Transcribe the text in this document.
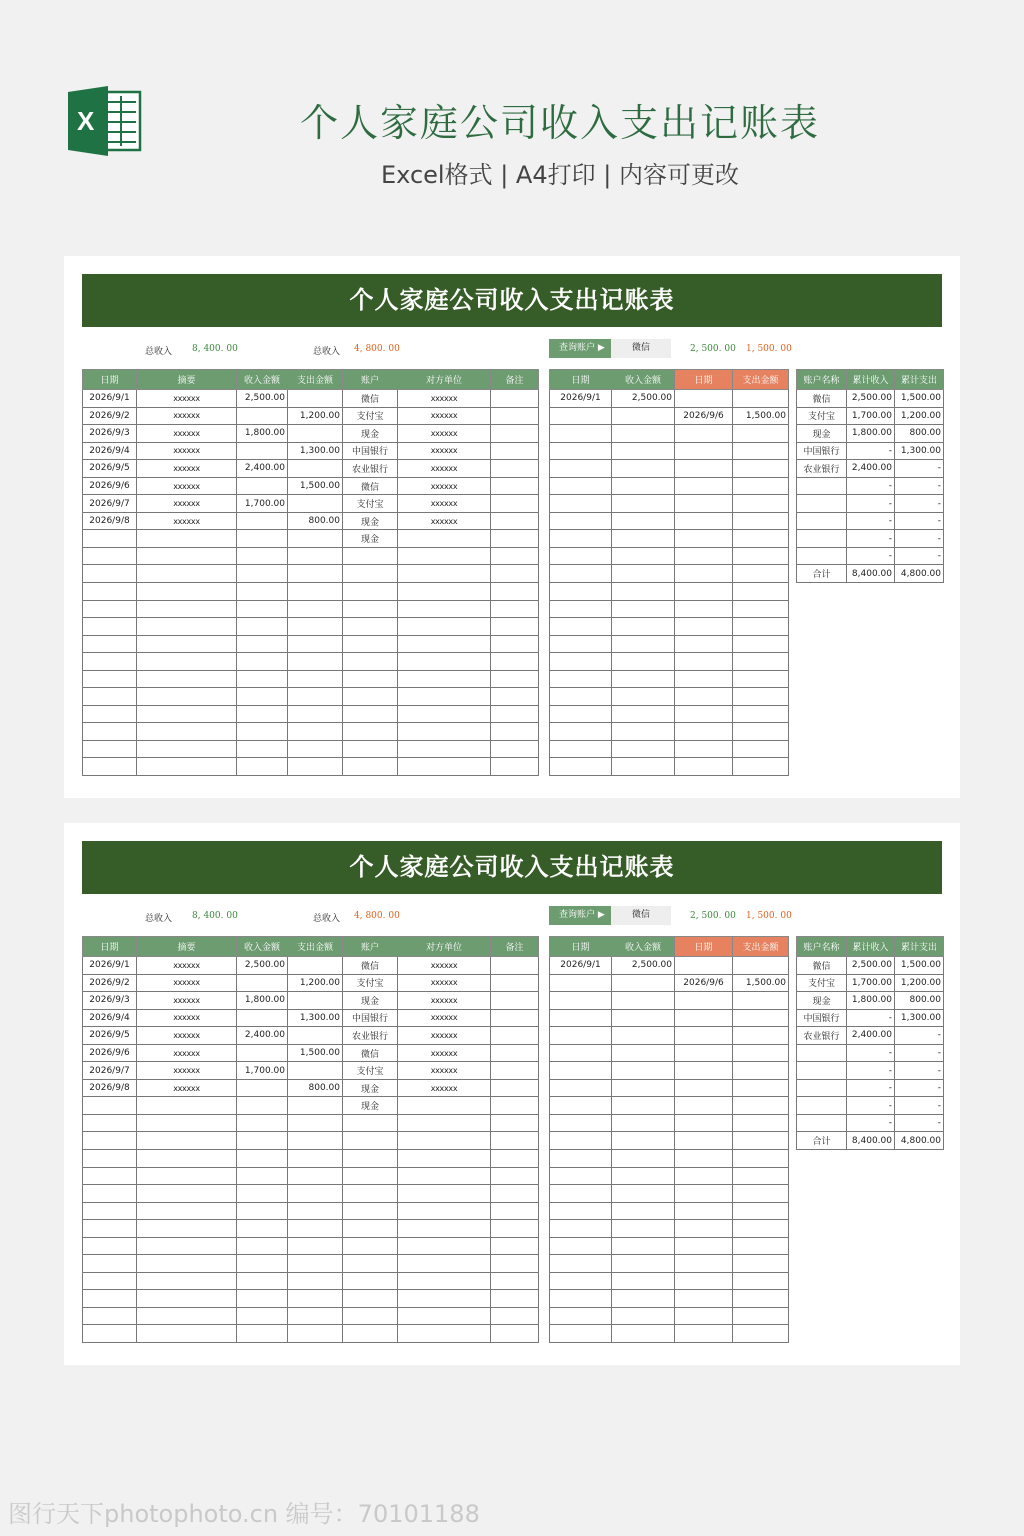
X	个人家庭公司收入支出记账表
Excel格式 | A4打印 | 内容可更改
个人家庭公司收入支出记账表
总收入 8, 400. 00	总收入 4, 800. 00	查询账户 ▶	微信	2, 500. 00 1, 500. 00
日期	摘要	收入金额	支出金额	账户	对方单位	备注
2026/9/1	xxxxxx	2,500.00		微信	xxxxxx	
2026/9/2	xxxxxx		1,200.00	支付宝	xxxxxx	
2026/9/3	xxxxxx	1,800.00		现金	xxxxxx	
2026/9/4	xxxxxx		1,300.00	中国银行	xxxxxx	
2026/9/5	xxxxxx	2,400.00		农业银行	xxxxxx	
2026/9/6	xxxxxx		1,500.00	微信	xxxxxx	
2026/9/7	xxxxxx	1,700.00		支付宝	xxxxxx	
2026/9/8	xxxxxx		800.00	现金	xxxxxx	
				现金		

日期	收入金额	日期	支出金额
2026/9/1	2,500.00		
		2026/9/6	1,500.00

账户名称	累计收入	累计支出
微信	2,500.00	1,500.00
支付宝	1,700.00	1,200.00
现金	1,800.00	800.00
中国银行	-	1,300.00
农业银行	2,400.00	-
	-	-
	-	-
	-	-
	-	-
	-	-
合计	8,400.00	4,800.00
个人家庭公司收入支出记账表
总收入 8, 400. 00	总收入 4, 800. 00	查询账户 ▶	微信	2, 500. 00 1, 500. 00
日期	摘要	收入金额	支出金额	账户	对方单位	备注
2026/9/1	xxxxxx	2,500.00		微信	xxxxxx	
2026/9/2	xxxxxx		1,200.00	支付宝	xxxxxx	
2026/9/3	xxxxxx	1,800.00		现金	xxxxxx	
2026/9/4	xxxxxx		1,300.00	中国银行	xxxxxx	
2026/9/5	xxxxxx	2,400.00		农业银行	xxxxxx	
2026/9/6	xxxxxx		1,500.00	微信	xxxxxx	
2026/9/7	xxxxxx	1,700.00		支付宝	xxxxxx	
2026/9/8	xxxxxx		800.00	现金	xxxxxx	
				现金		

日期	收入金额	日期	支出金额
2026/9/1	2,500.00		
		2026/9/6	1,500.00

账户名称	累计收入	累计支出
微信	2,500.00	1,500.00
支付宝	1,700.00	1,200.00
现金	1,800.00	800.00
中国银行	-	1,300.00
农业银行	2,400.00	-
	-	-
	-	-
	-	-
	-	-
	-	-
合计	8,400.00	4,800.00
图行天下photophoto.cn 编号：70101188
